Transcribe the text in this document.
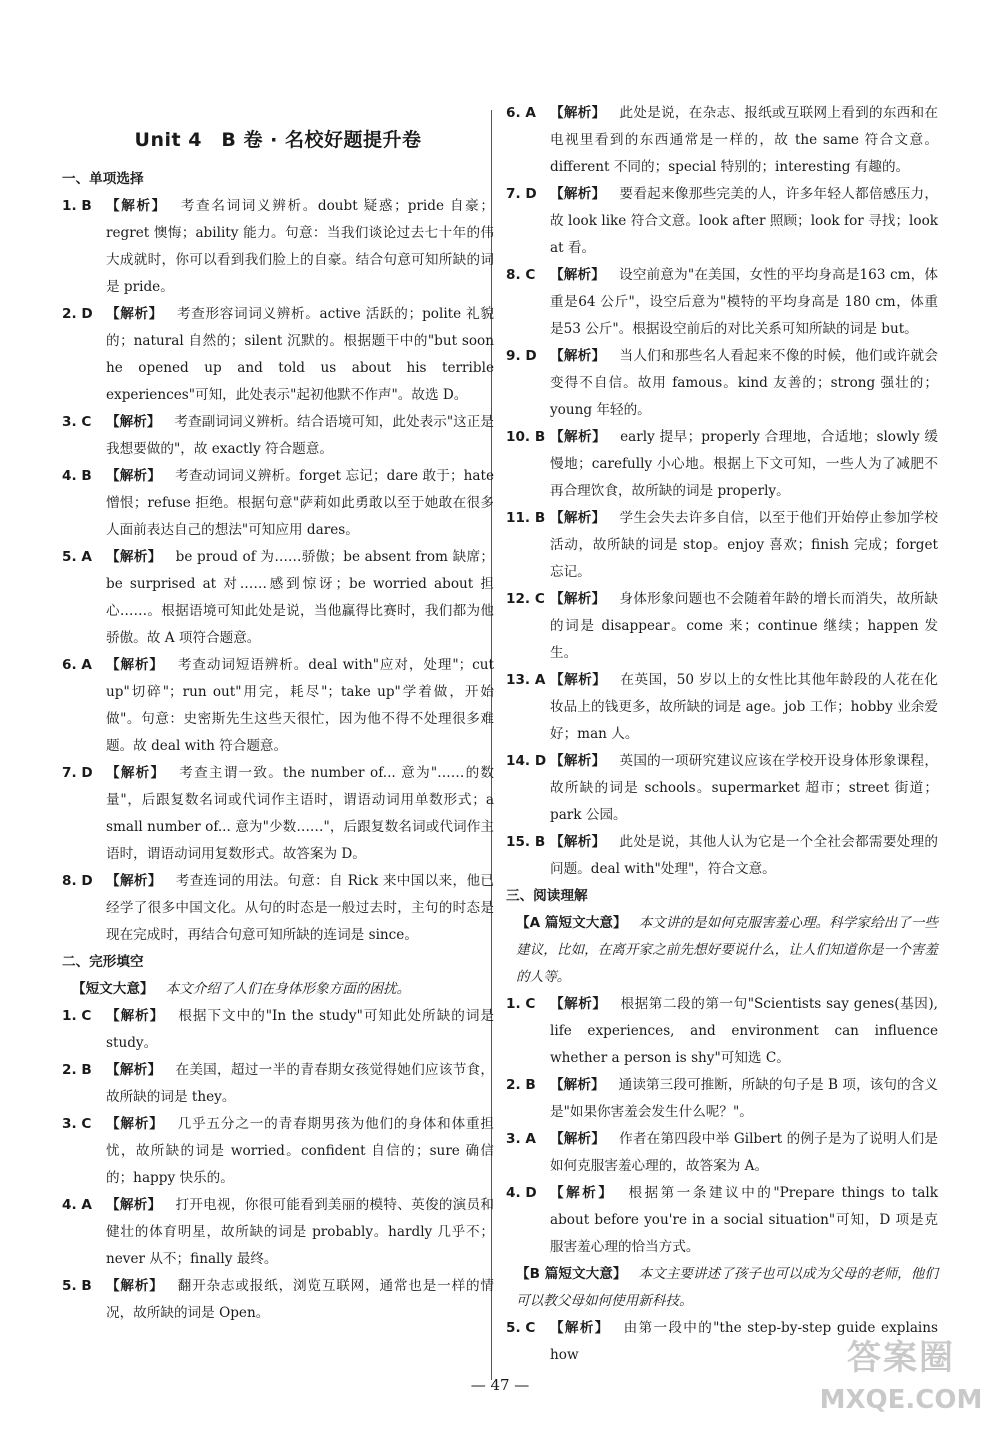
Unit 4　B 卷 · 名校好题提升卷
一、单项选择
1. B	【解析】 考查名词词义辨析。doubt 疑惑；pride 自豪；regret 懊悔；ability 能力。句意：当我们谈论过去七十年的伟大成就时，你可以看到我们脸上的自豪。结合句意可知所缺的词是 pride。
2. D 【解析】 考查形容词词义辨析。active 活跃的；polite 礼貌的；natural 自然的；silent 沉默的。根据题干中的"but soon he opened up and told us about his terrible experiences"可知，此处表示"起初他默不作声"。故选 D。
3. C	【解析】 考查副词词义辨析。结合语境可知，此处表示"这正是我想要做的"，故 exactly 符合题意。
4. B	【解析】 考查动词词义辨析。forget 忘记；dare 敢于；hate 憎恨；refuse 拒绝。根据句意"萨莉如此勇敢以至于她敢在很多人面前表达自己的想法"可知应用 dares。
5. A	【解析】 be proud of 为……骄傲；be absent from 缺席；be surprised at 对……感到惊讶；be worried about 担心……。根据语境可知此处是说，当他赢得比赛时，我们都为他骄傲。故 A 项符合题意。
6. A	【解析】 考查动词短语辨析。deal with"应对，处理"；cut up"切碎"；run out"用完，耗尽"；take up"学着做，开始做"。句意：史密斯先生这些天很忙，因为他不得不处理很多难题。故 deal with 符合题意。
7. D 【解析】 考查主谓一致。the number of... 意为"……的数量"，后跟复数名词或代词作主语时，谓语动词用单数形式；a small number of... 意为"少数……"，后跟复数名词或代词作主语时，谓语动词用复数形式。故答案为 D。
8. D 【解析】 考查连词的用法。句意：自 Rick 来中国以来，他已经学了很多中国文化。从句的时态是一般过去时，主句的时态是现在完成时，再结合句意可知所缺的连词是 since。
二、完形填空
【短文大意】 本文介绍了人们在身体形象方面的困扰。
1. C	【解析】 根据下文中的"In the study"可知此处所缺的词是 study。
2. B	【解析】 在美国，超过一半的青春期女孩觉得她们应该节食，故所缺的词是 they。
3. C	【解析】 几乎五分之一的青春期男孩为他们的身体和体重担忧，故所缺的词是 worried。confident 自信的；sure 确信的；happy 快乐的。
4. A	【解析】 打开电视，你很可能看到美丽的模特、英俊的演员和健壮的体育明星，故所缺的词是 probably。hardly 几乎不；never 从不；finally 最终。
5. B	【解析】 翻开杂志或报纸，浏览互联网，通常也是一样的情况，故所缺的词是 Open。
6. A	【解析】 此处是说，在杂志、报纸或互联网上看到的东西和在电视里看到的东西通常是一样的，故 the same 符合文意。different 不同的；special 特别的；interesting 有趣的。
7. D 【解析】 要看起来像那些完美的人，许多年轻人都倍感压力，故 look like 符合文意。look after 照顾；look for 寻找；look at 看。
8. C	【解析】 设空前意为"在美国，女性的平均身高是163 cm，体重是64 公斤"，设空后意为"模特的平均身高是 180 cm，体重是53 公斤"。根据设空前后的对比关系可知所缺的词是 but。
9. D 【解析】 当人们和那些名人看起来不像的时候，他们或许就会变得不自信。故用 famous。kind 友善的；strong 强壮的；young 年轻的。
10. B 【解析】 early 提早；properly 合理地，合适地；slowly 缓慢地；carefully 小心地。根据上下文可知，一些人为了减肥不再合理饮食，故所缺的词是 properly。
11. B 【解析】 学生会失去许多自信，以至于他们开始停止参加学校活动，故所缺的词是 stop。enjoy 喜欢；finish 完成；forget 忘记。
12. C 【解析】 身体形象问题也不会随着年龄的增长而消失，故所缺的词是 disappear。come 来；continue 继续；happen 发生。
13. A 【解析】 在英国，50 岁以上的女性比其他年龄段的人花在化妆品上的钱更多，故所缺的词是 age。job 工作；hobby 业余爱好；man 人。
14. D 【解析】 英国的一项研究建议应该在学校开设身体形象课程，故所缺的词是 schools。supermarket 超市；street 街道；park 公园。
15. B 【解析】 此处是说，其他人认为它是一个全社会都需要处理的问题。deal with"处理"，符合文意。
三、阅读理解
【A 篇短文大意】 本文讲的是如何克服害羞心理。科学家给出了一些建议，比如，在离开家之前先想好要说什么，让人们知道你是一个害羞的人等。
1. C	【解析】 根据第二段的第一句"Scientists say genes(基因), life experiences, and environment can influence whether a person is shy"可知选 C。
2. B	【解析】 通读第三段可推断，所缺的句子是 B 项，该句的含义是"如果你害羞会发生什么呢？"。
3. A	【解析】 作者在第四段中举 Gilbert 的例子是为了说明人们是如何克服害羞心理的，故答案为 A。
4. D 【解析】 根据第一条建议中的"Prepare things to talk about before you're in a social situation"可知，D 项是克服害羞心理的恰当方式。
【B 篇短文大意】 本文主要讲述了孩子也可以成为父母的老师，他们可以教父母如何使用新科技。
5. C	【解析】 由第一段中的"the step-by-step guide explains how
— 47 —
答案圈
MXQE.COM
